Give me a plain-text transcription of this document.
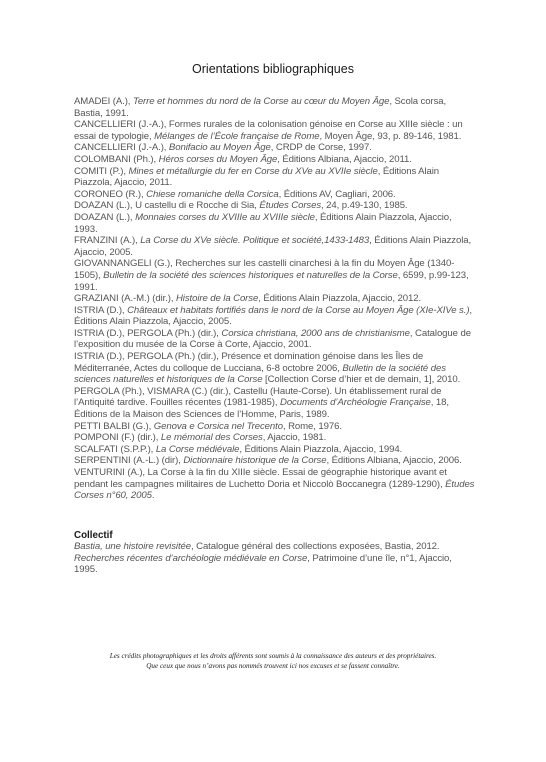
Orientations bibliographiques

AMADEI (A.), Terre et hommes du nord de la Corse au cœur du Moyen Âge, Scola corsa, Bastia, 1991.

CANCELLIERI (J.-A.), Formes rurales de la colonisation génoise en Corse au XIIIe siècle : un essai de typologie, Mélanges de l’École française de Rome, Moyen Âge, 93, p. 89-146, 1981.

CANCELLIERI (J.-A.), Bonifacio au Moyen Âge, CRDP de Corse, 1997.

COLOMBANI (Ph.), Héros corses du Moyen Âge, Éditions Albiana, Ajaccio, 2011.

COMITI (P.), Mines et métallurgie du fer en Corse du XVe au XVIIe siècle, Éditions Alain Piazzola, Ajaccio, 2011.

CORONEO (R.), Chiese romaniche della Corsica, Éditions AV, Cagliari, 2006.

DOAZAN (L.), U castellu di e Rocche di Sia, Études Corses, 24, p.49-130, 1985.

DOAZAN (L.), Monnaies corses du XVIIIe au XVIIIe siècle, Éditions Alain Piazzola, Ajaccio, 1993.

FRANZINI (A.), La Corse du XVe siècle. Politique et société,1433-1483, Éditions Alain Piazzola, Ajaccio, 2005.

GIOVANNANGELI (G.), Recherches sur les castelli cinarchesi à la fin du Moyen Âge (1340-1505), Bulletin de la société des sciences historiques et naturelles de la Corse, 6599, p.99-123, 1991.

GRAZIANI (A.-M.) (dir.), Histoire de la Corse, Éditions Alain Piazzola, Ajaccio, 2012.

ISTRIA (D.), Châteaux et habitats fortifiés dans le nord de la Corse au Moyen Âge (XIe-XIVe s.), Éditions Alain Piazzola, Ajaccio, 2005.

ISTRIA (D.), PERGOLA (Ph.) (dir.), Corsica christiana, 2000 ans de christianisme, Catalogue de l’exposition du musée de la Corse à Corte, Ajaccio, 2001.

ISTRIA (D.), PERGOLA (Ph.) (dir.), Présence et domination génoise dans les Îles de Méditerranée, Actes du colloque de Lucciana, 6-8 octobre 2006, Bulletin de la société des sciences naturelles et historiques de la Corse [Collection Corse d’hier et de demain, 1], 2010.

PERGOLA (Ph.), VISMARA (C.) (dir.), Castellu (Haute-Corse). Un établissement rural de l’Antiquité tardive. Fouilles récentes (1981-1985), Documents d’Archéologie Française, 18, Éditions de la Maison des Sciences de l’Homme, Paris, 1989.

PETTI BALBI (G.), Genova e Corsica nel Trecento, Rome, 1976.

POMPONI (F.) (dir.), Le mémorial des Corses, Ajaccio, 1981.

SCALFATI (S.P.P.), La Corse médiévale, Éditions Alain Piazzola, Ajaccio, 1994.

SERPENTINI (A.-L.) (dir), Dictionnaire historique de la Corse, Éditions Albiana, Ajaccio, 2006.

VENTURINI (A.), La Corse à la fin du XIIIe siècle. Essai de géographie historique avant et pendant les campagnes militaires de Luchetto Doria et Niccolò Boccanegra (1289-1290), Études Corses n°60, 2005.

Collectif

Bastia, une histoire revisitée, Catalogue général des collections exposées, Bastia, 2012.

Recherches récentes d’archéologie médiévale en Corse, Patrimoine d’une île, n°1, Ajaccio, 1995.

Les crédits photographiques et les droits afférents sont soumis à la connaissance des auteurs et des propriétaires.
Que ceux que nous n’avons pas nommés trouvent ici nos excuses et se fassent connaître.
